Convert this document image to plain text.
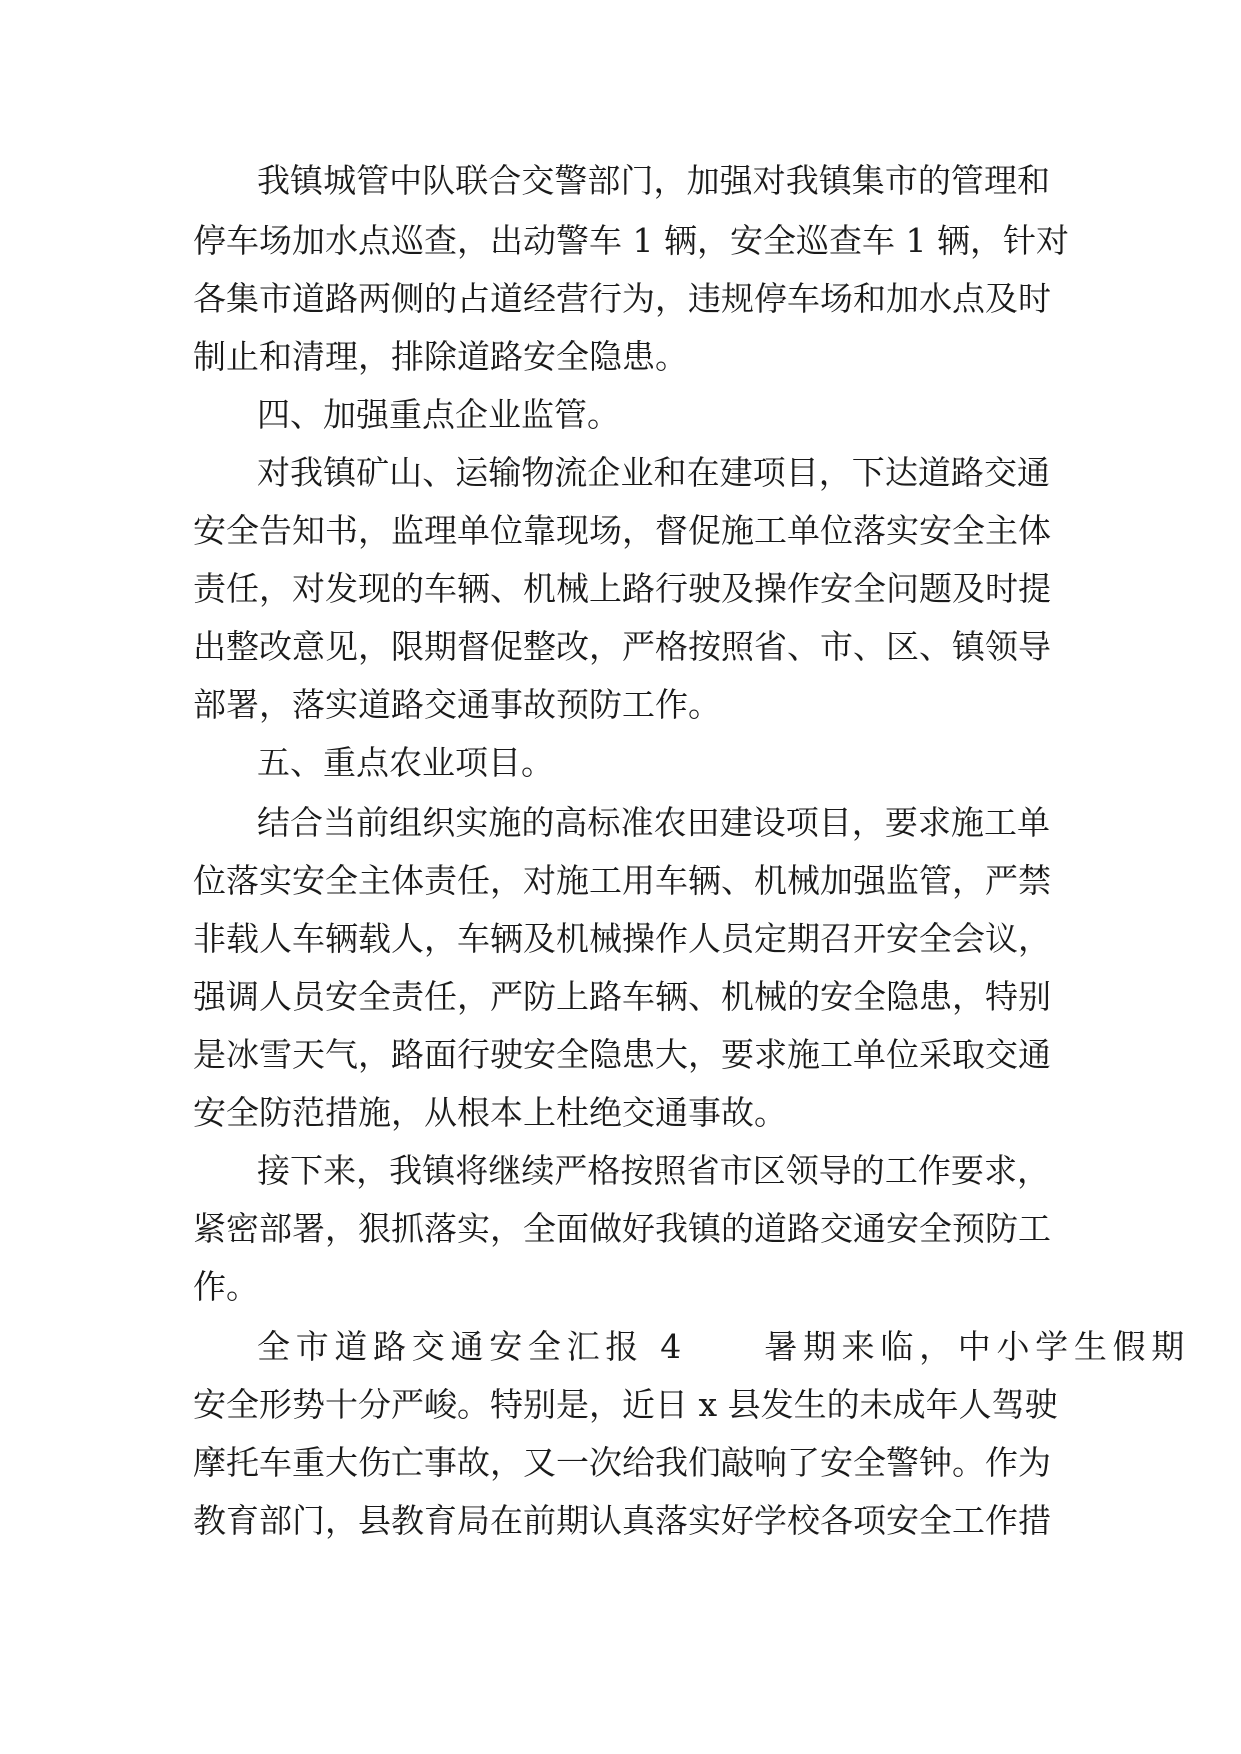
我镇城管中队联合交警部门，加强对我镇集市的管理和
停车场加水点巡查，出动警车 1 辆，安全巡查车 1 辆，针对
各集市道路两侧的占道经营行为，违规停车场和加水点及时
制止和清理，排除道路安全隐患。
四、加强重点企业监管。
对我镇矿山、运输物流企业和在建项目，下达道路交通
安全告知书，监理单位靠现场，督促施工单位落实安全主体
责任，对发现的车辆、机械上路行驶及操作安全问题及时提
出整改意见，限期督促整改，严格按照省、市、区、镇领导
部署，落实道路交通事故预防工作。
五、重点农业项目。
结合当前组织实施的高标准农田建设项目，要求施工单
位落实安全主体责任，对施工用车辆、机械加强监管，严禁
非载人车辆载人，车辆及机械操作人员定期召开安全会议，
强调人员安全责任，严防上路车辆、机械的安全隐患，特别
是冰雪天气，路面行驶安全隐患大，要求施工单位采取交通
安全防范措施，从根本上杜绝交通事故。
接下来，我镇将继续严格按照省市区领导的工作要求，
紧密部署，狠抓落实，全面做好我镇的道路交通安全预防工
作。
全市道路交通安全汇报 4　　暑期来临，中小学生假期
安全形势十分严峻。特别是，近日 x 县发生的未成年人驾驶
摩托车重大伤亡事故，又一次给我们敲响了安全警钟。作为
教育部门，县教育局在前期认真落实好学校各项安全工作措
